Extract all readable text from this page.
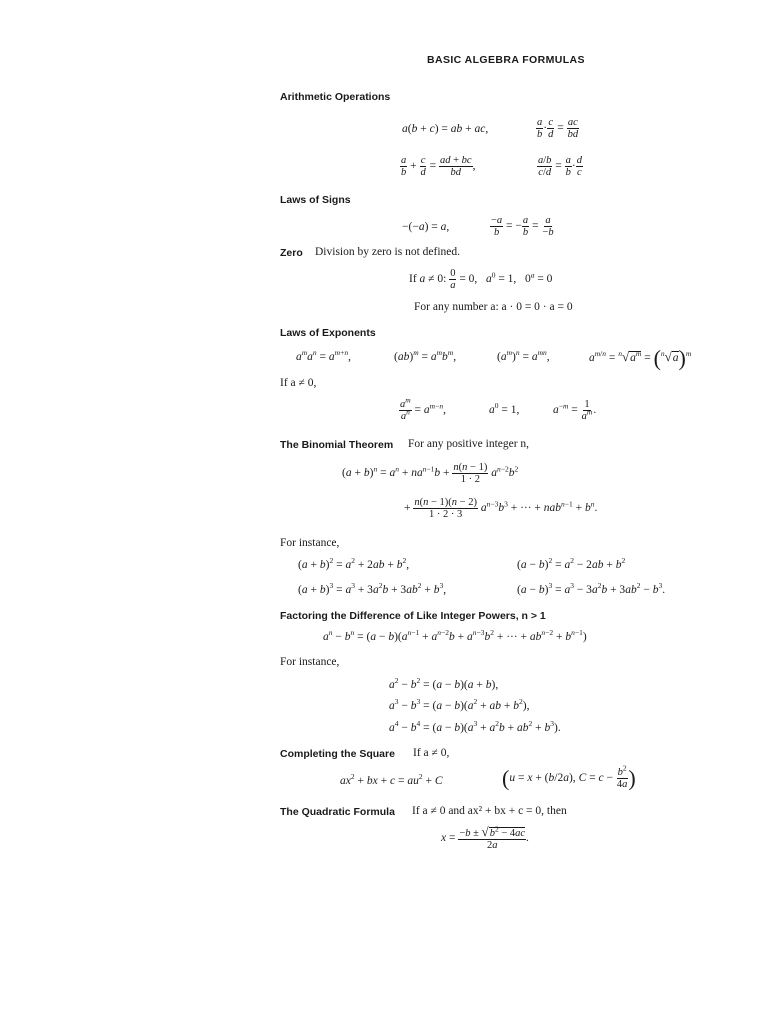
BASIC ALGEBRA FORMULAS
Arithmetic Operations
a(b + c) = ab + ac,	$\frac{a}{b} \cdot \frac{c}{d} = \frac{ac}{bd}$
$\frac{a}{b} + \frac{c}{d} = \frac{ad + bc}{bd}$ ,	$\frac{a/b}{c/d} = \frac{a}{b} \cdot \frac{d}{c}$
Laws of Signs
−(−a) = a,	$\frac{-a}{b}$ = − $\frac{a}{b} = \frac{a}{-b}$
Zero Division by zero is not defined.
If a ≠ 0: $\frac{0}{a} = 0$,   $a^0 = 1$, $0^a = 0$
For any number a: a · 0 = 0 · a = 0
Laws of Exponents
$a^ma^n = a^{m+n}$,	$(ab)^m = a^mb^m$,	$(a^m)^n = a^{mn}$,	$a^{m/n} = ^n√a^m = (^n√a)^m$
If a ≠ 0,
$\frac{a^m}{a^n} = a^{m-n}$,	$a^0 = 1$,	$a^{-m} = \frac{1}{a^m}$ .
The Binomial Theorem For any positive integer n,
$(a + b)^n = a^n + na^{n-1}b + \frac{n(n - 1)}{1 \cdot 2} a^{n-2}b^2$
+ $\frac{n(n - 1)(n - 2)}{1 \cdot 2 \cdot 3} a^{n-3}b^3$ + ··· + $nab^{n-1} + b^n$.
For instance,
$(a + b)^2 = a^2 + 2ab + b^2$,	$(a - b)^2 = a^2 - 2ab + b^2$
$(a + b)^3 = a^3 + 3a^2b + 3ab^2 + b^3$,	$(a - b)^3 = a^3 - 3a^2b + 3ab^2 - b^3$.
Factoring the Difference of Like Integer Powers, n > 1
$a^n - b^n = (a - b)(a^{n-1} + a^{n-2}b + a^{n-3}b^2$ + ··· + $ab^{n-2} + b^{n-1}$)
For instance,
$a^2 - b^2 = (a - b)(a + b)$,
$a^3 - b^3 = (a - b)(a^2$ + ab + $b^2$),
$a^4 - b^4 = (a - b)(a^3 + a^2b + ab^2 + b^3)$.
Completing the Square If a ≠ 0,
$ax^2$ + bx + $c = au^2 + C$	(u = x + (b/2a), $C = c - \frac{b^2}{4a}$ )
The Quadratic Formula If a ≠ 0 and ax² + bx + c = 0, then
$x = \frac{-b \pm √b^2 - 4ac}{2a}$ .
